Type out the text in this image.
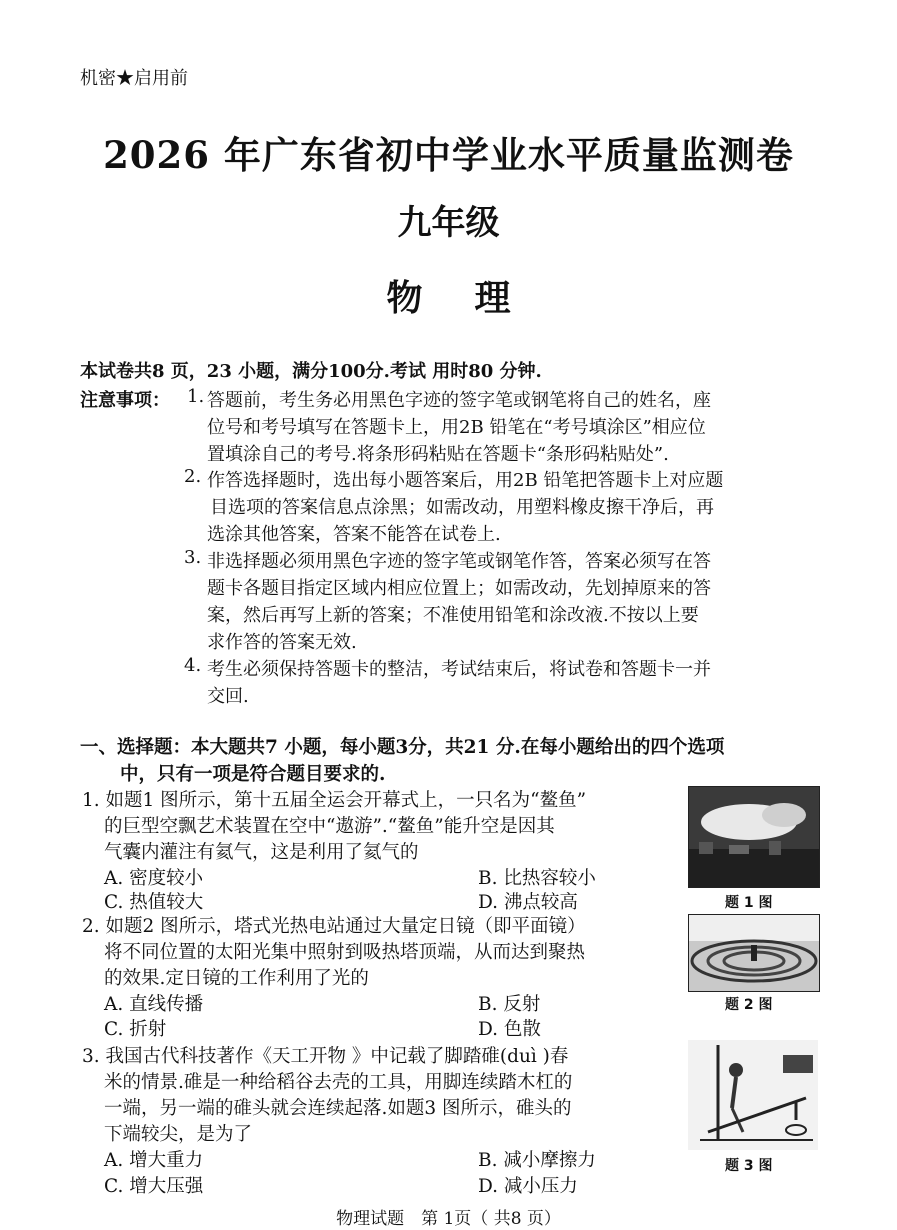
机密★启用前

2026 年广东省初中学业水平质量监测卷

九年级

物 理

本试卷共8 页，23 小题，满分100分.考试 用时80 分钟.

注意事项： 1. 答题前，考生务必用黑色字迹的签字笔或钢笔将自己的姓名，座
位号和考号填写在答题卡上，用2B 铅笔在“考号填涂区”相应位
置填涂自己的考号.将条形码粘贴在答题卡“条形码粘贴处”.
2. 作答选择题时，选出每小题答案后，用2B 铅笔把答题卡上对应题
目选项的答案信息点涂黑；如需改动，用塑料橡皮擦干净后，再
选涂其他答案，答案不能答在试卷上.
3. 非选择题必须用黑色字迹的签字笔或钢笔作答，答案必须写在答
题卡各题目指定区域内相应位置上；如需改动，先划掉原来的答
案，然后再写上新的答案；不准使用铅笔和涂改液.不按以上要
求作答的答案无效.
4. 考生必须保持答题卡的整洁，考试结束后，将试卷和答题卡一并
交回.

一、选择题：本大题共7 小题，每小题3分，共21 分.在每小题给出的四个选项

中，只有一项是符合题目要求的.

1. 如题1 图所示，第十五届全运会开幕式上，一只名为“鳌鱼”
的巨型空飘艺术装置在空中“遨游”.“鳌鱼”能升空是因其
气囊内灌注有氦气，这是利用了氦气的
A. 密度较小	B. 比热容较小
C. 热值较大	D. 沸点较高	题 1 图
2. 如题2 图所示，塔式光热电站通过大量定日镜（即平面镜）
将不同位置的太阳光集中照射到吸热塔顶端，从而达到聚热
的效果.定日镜的工作利用了光的
A. 直线传播	B. 反射
C. 折射	D. 色散
题 2 图
3. 我国古代科技著作《天工开物 》中记载了脚踏碓(duì )春
米的情景.碓是一种给稻谷去壳的工具，用脚连续踏木杠的
一端，另一端的碓头就会连续起落.如题3 图所示，碓头的
下端较尖，是为了
A. 增大重力	B. 减小摩擦力
C. 增大压强	D. 减小压力
题 3 图

物理试题　第 1页（ 共8 页）
